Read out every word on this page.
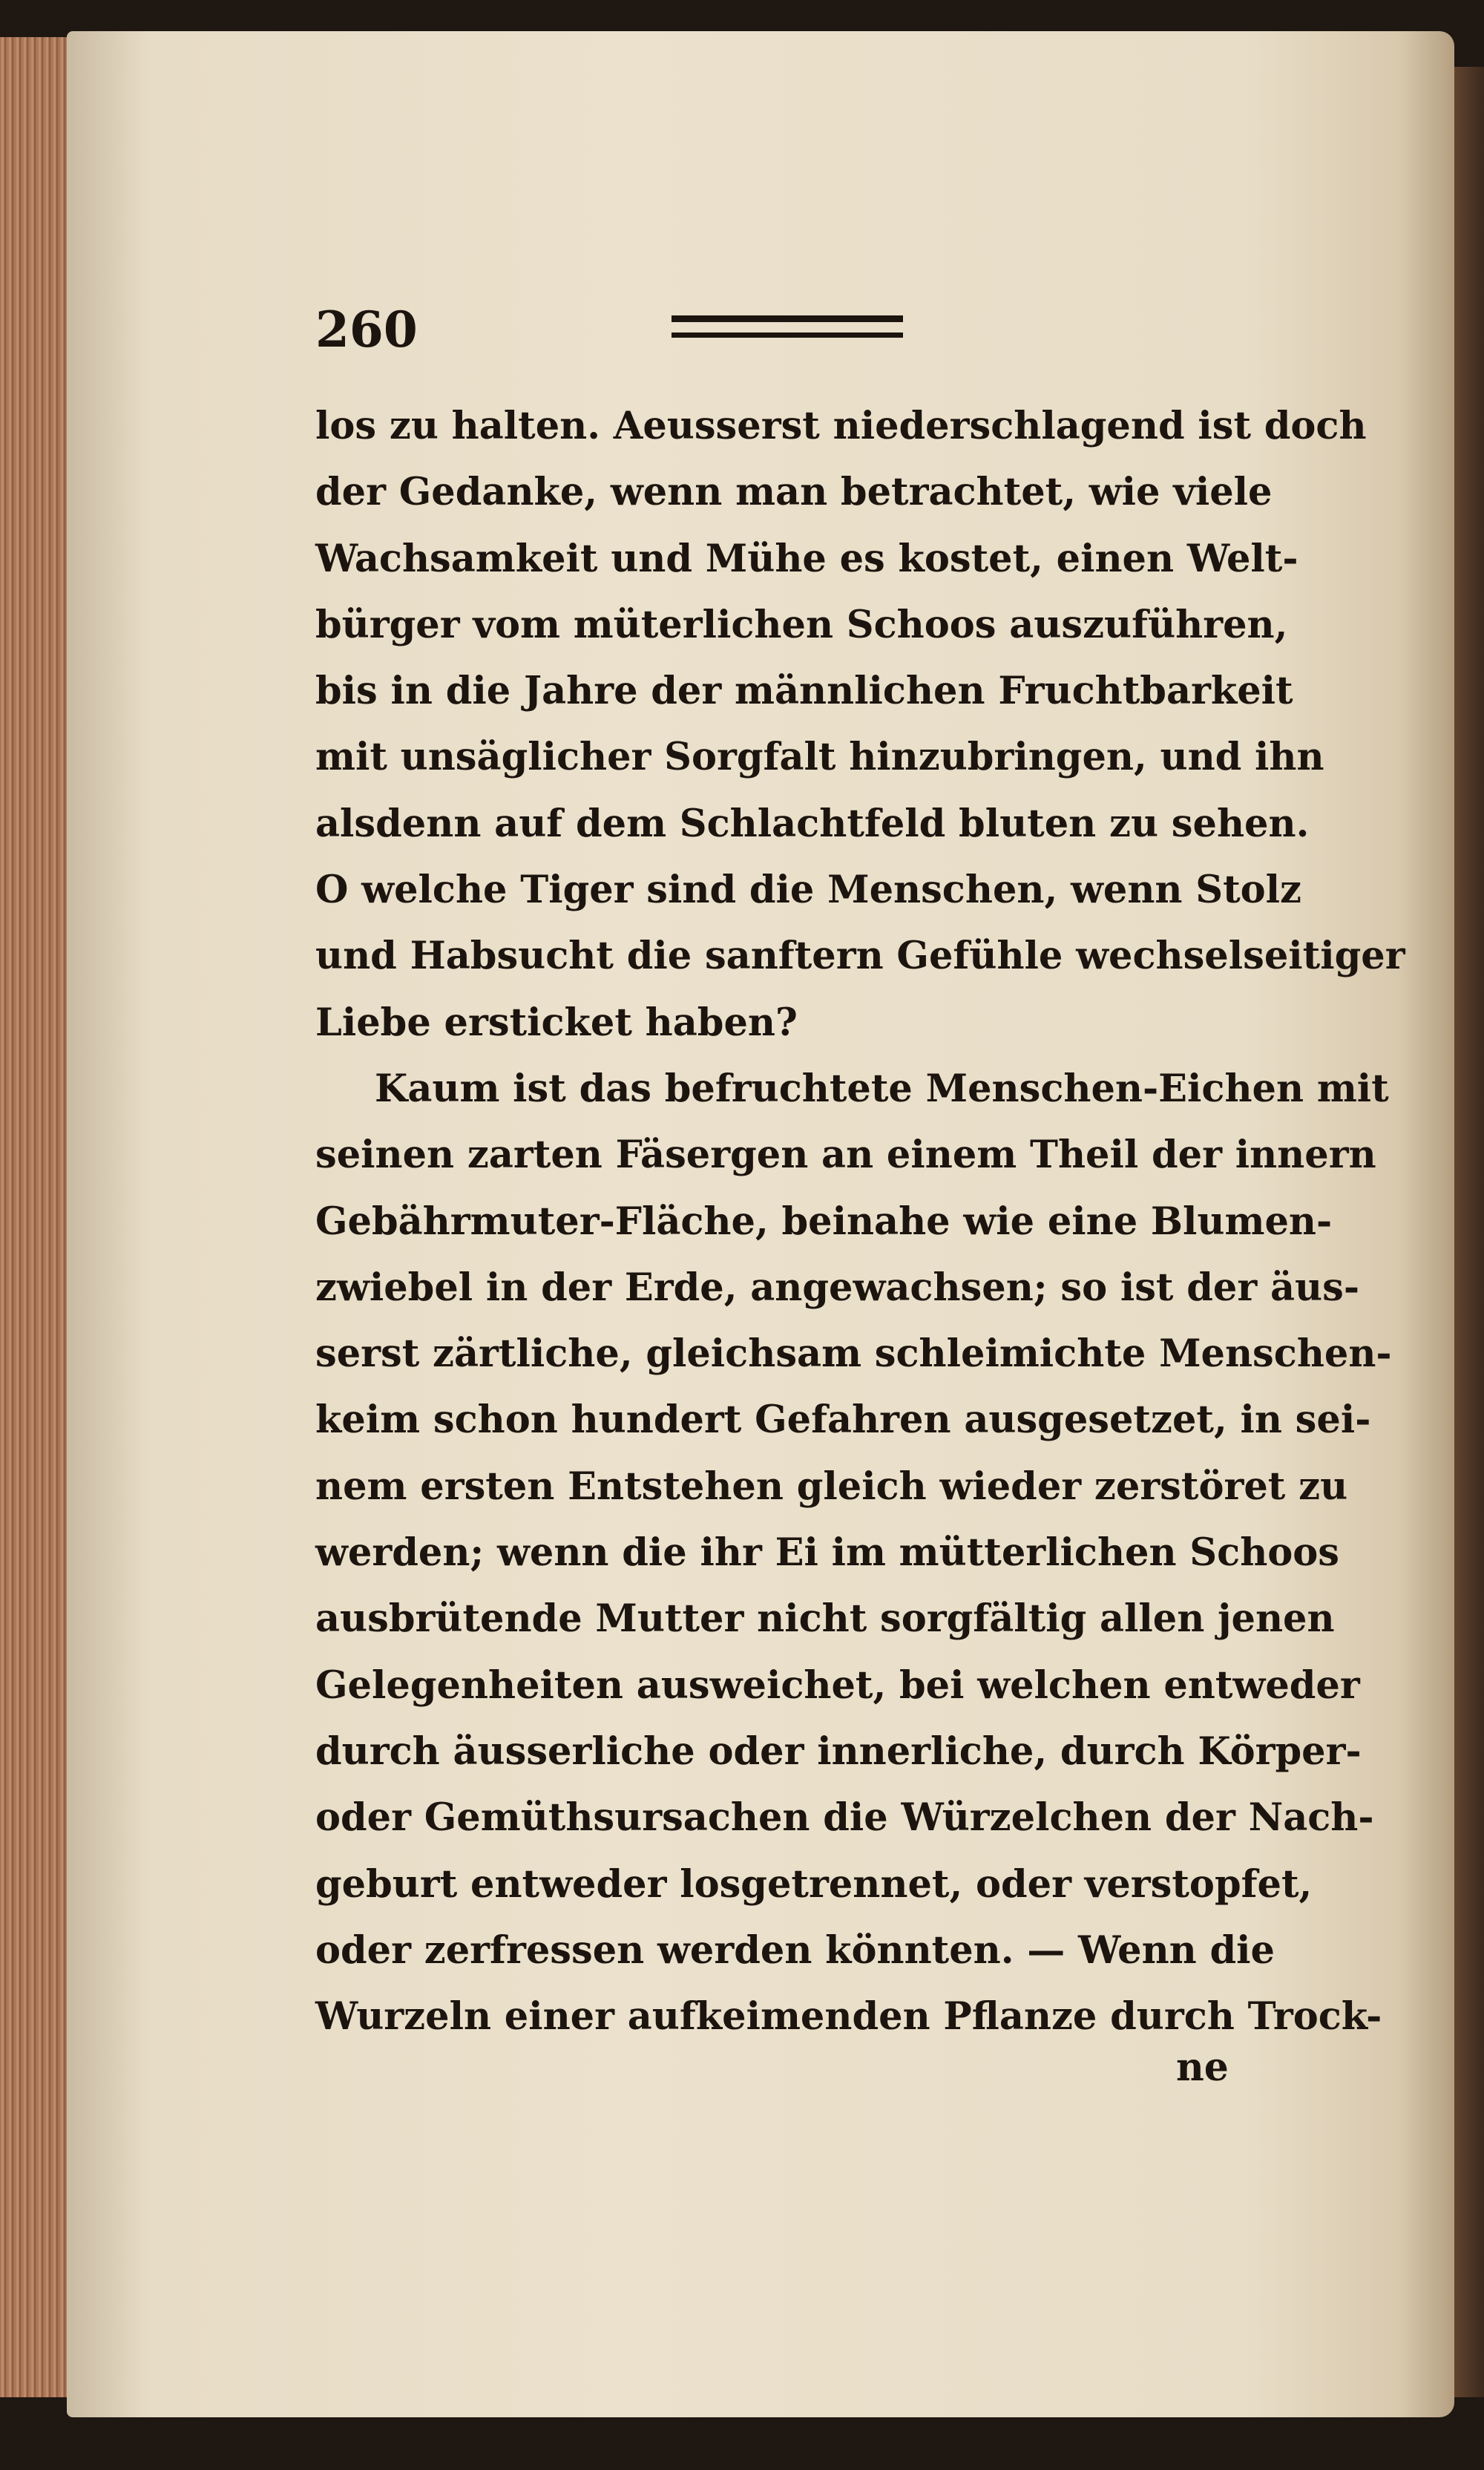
260
los zu halten. Aeusserst niederschlagend ist doch
der Gedanke, wenn man betrachtet, wie viele
Wachsamkeit und Mühe es kostet, einen Welt-
bürger vom müterlichen Schoos auszuführen,
bis in die Jahre der männlichen Fruchtbarkeit
mit unsäglicher Sorgfalt hinzubringen, und ihn
alsdenn auf dem Schlachtfeld bluten zu sehen.
O welche Tiger sind die Menschen, wenn Stolz
und Habsucht die sanftern Gefühle wechselseitiger
Liebe ersticket haben?
Kaum ist das befruchtete Menschen-Eichen mit
seinen zarten Fäsergen an einem Theil der innern
Gebährmuter-Fläche, beinahe wie eine Blumen-
zwiebel in der Erde, angewachsen; so ist der äus-
serst zärtliche, gleichsam schleimichte Menschen-
keim schon hundert Gefahren ausgesetzet, in sei-
nem ersten Entstehen gleich wieder zerstöret zu
werden; wenn die ihr Ei im mütterlichen Schoos
ausbrütende Mutter nicht sorgfältig allen jenen
Gelegenheiten ausweichet, bei welchen entweder
durch äusserliche oder innerliche, durch Körper-
oder Gemüthsursachen die Würzelchen der Nach-
geburt entweder losgetrennet, oder verstopfet,
oder zerfressen werden könnten. — Wenn die
Wurzeln einer aufkeimenden Pflanze durch Trock-
ne
